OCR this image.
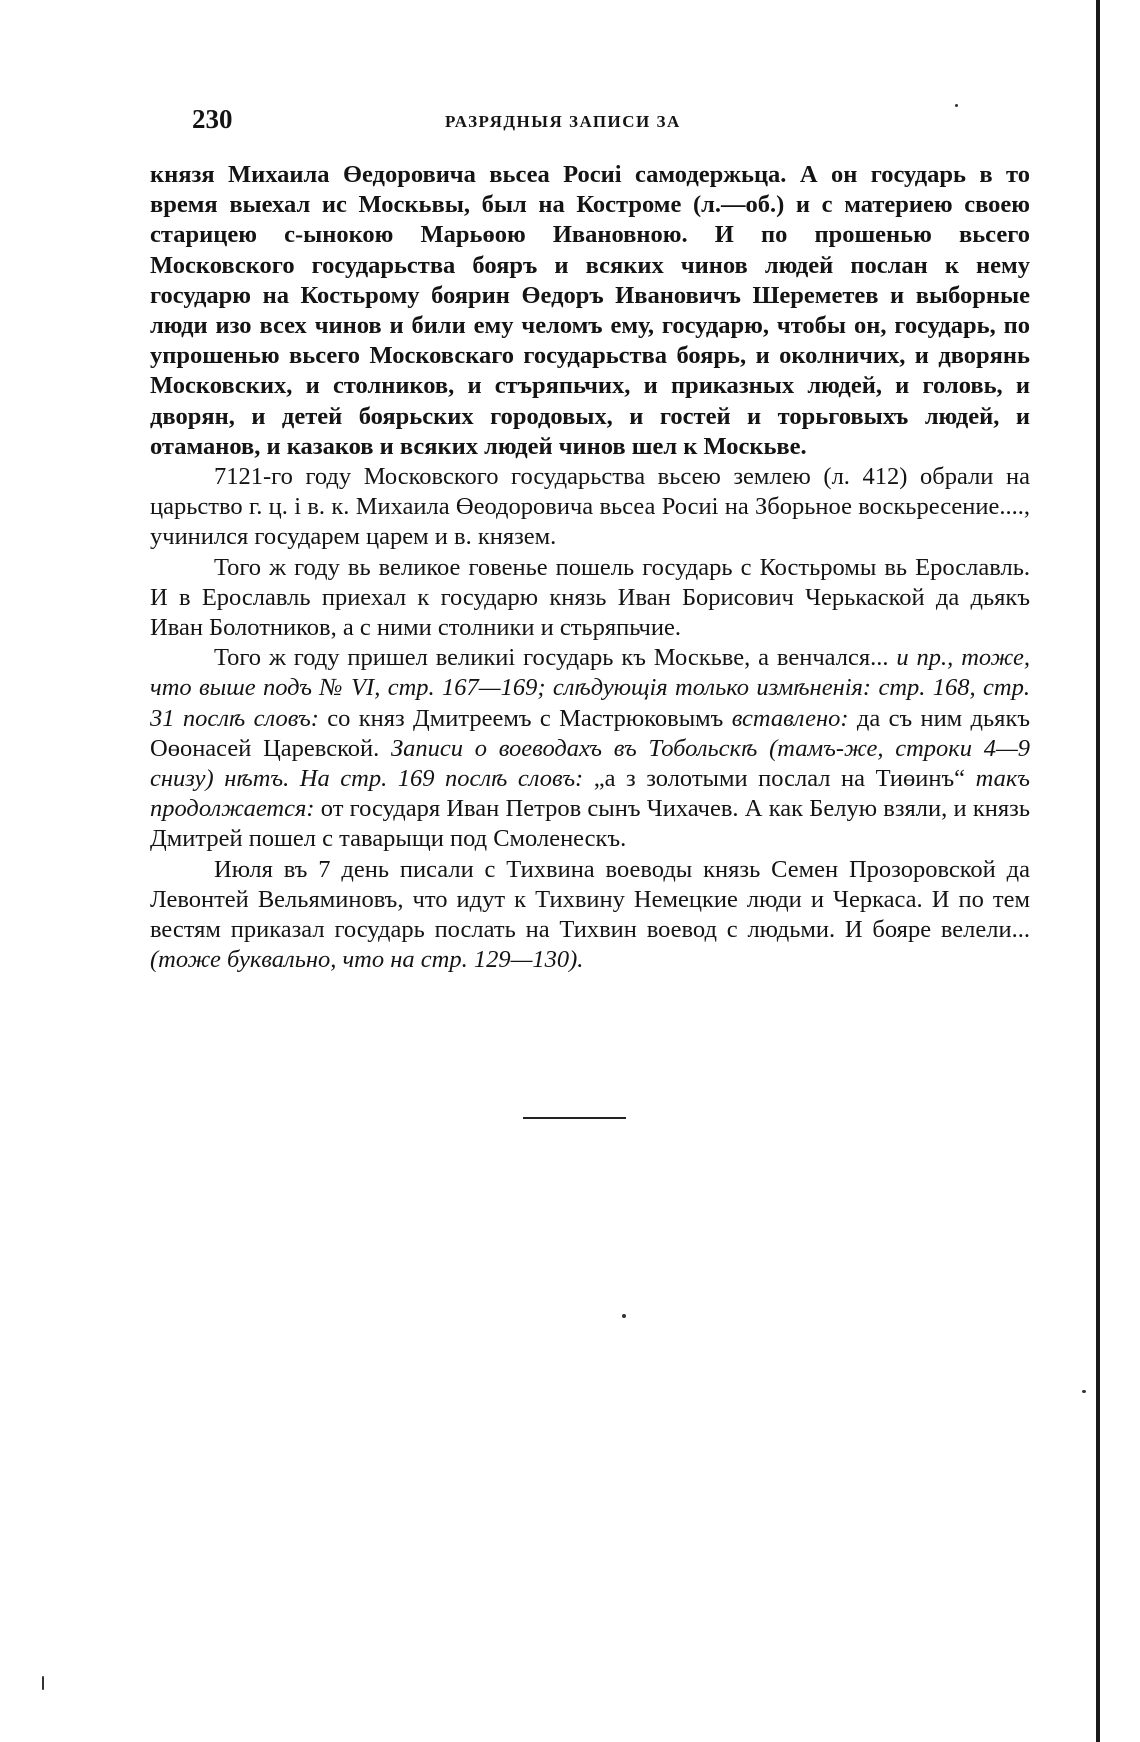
230	РАЗРЯДНЫЯ ЗАПИСИ ЗА

князя Михаила Өедоровича вьсеа Росиі самодержьца. А он государь в то время выехал ис Москьвы, был на Костроме (л.—об.) и с материею своею старицею с-ынокою Марьөою Ивановною. И по прошенью вьсего Московского государьства бояръ и всяких чинов людей послан к нему государю на Костьрому боярин Өедоръ Ивановичъ Шереметев и выборные люди изо всех чинов и били ему челомъ ему, государю, чтобы он, государь, по упрошенью вьсего Московскаго государьства боярь, и околничих, и дворянь Московских, и столников, и стъряпьчих, и приказных людей, и головь, и дворян, и детей боярьских городовых, и гостей и торьговыхъ людей, и отаманов, и казаков и всяких людей чинов шел к Москьве.

7121-го году Московского государьства вьсею землею (л. 412) обрали на царьство г. ц. і в. к. Михаила Өеодоровича вьсеа Росиі на Зборьное воскьресение...., учинился государем царем и в. князем.

Того ж году вь великое говенье пошель государь с Костьромы вь Ерославль. И в Ерославль приехал к государю князь Иван Борисович Черькаской да дьякъ Иван Болотников, а с ними столники и стьряпьчие.

Того ж году пришел великиі государь къ Москьве, а венчался... и пр., тоже, что выше подъ № VI, стр. 167—169; слѣдующія только измѣненія: стр. 168, стр. 31 послѣ словъ: со княз Дмитреемъ с Мастрюковымъ вставлено: да съ ним дьякъ Оөонасей Царевской. Записи о воеводахъ въ Тобольскѣ (тамъ-же, строки 4—9 снизу) нѣтъ. На стр. 169 послѣ словъ: „а з золотыми послал на Тиөинъ“ такъ продолжается: от государя Иван Петров сынъ Чихачев. А как Белую взяли, и князь Дмитрей пошел с таварыщи под Смоленескъ.

Июля въ 7 день писали с Тихвина воеводы князь Семен Прозоровской да Левонтей Вельяминовъ, что идут к Тихвину Немецкие люди и Черкаса. И по тем вестям приказал государь послать на Тихвин воевод с людьми. И бояре велели... (тоже буквально, что на стр. 129—130).
